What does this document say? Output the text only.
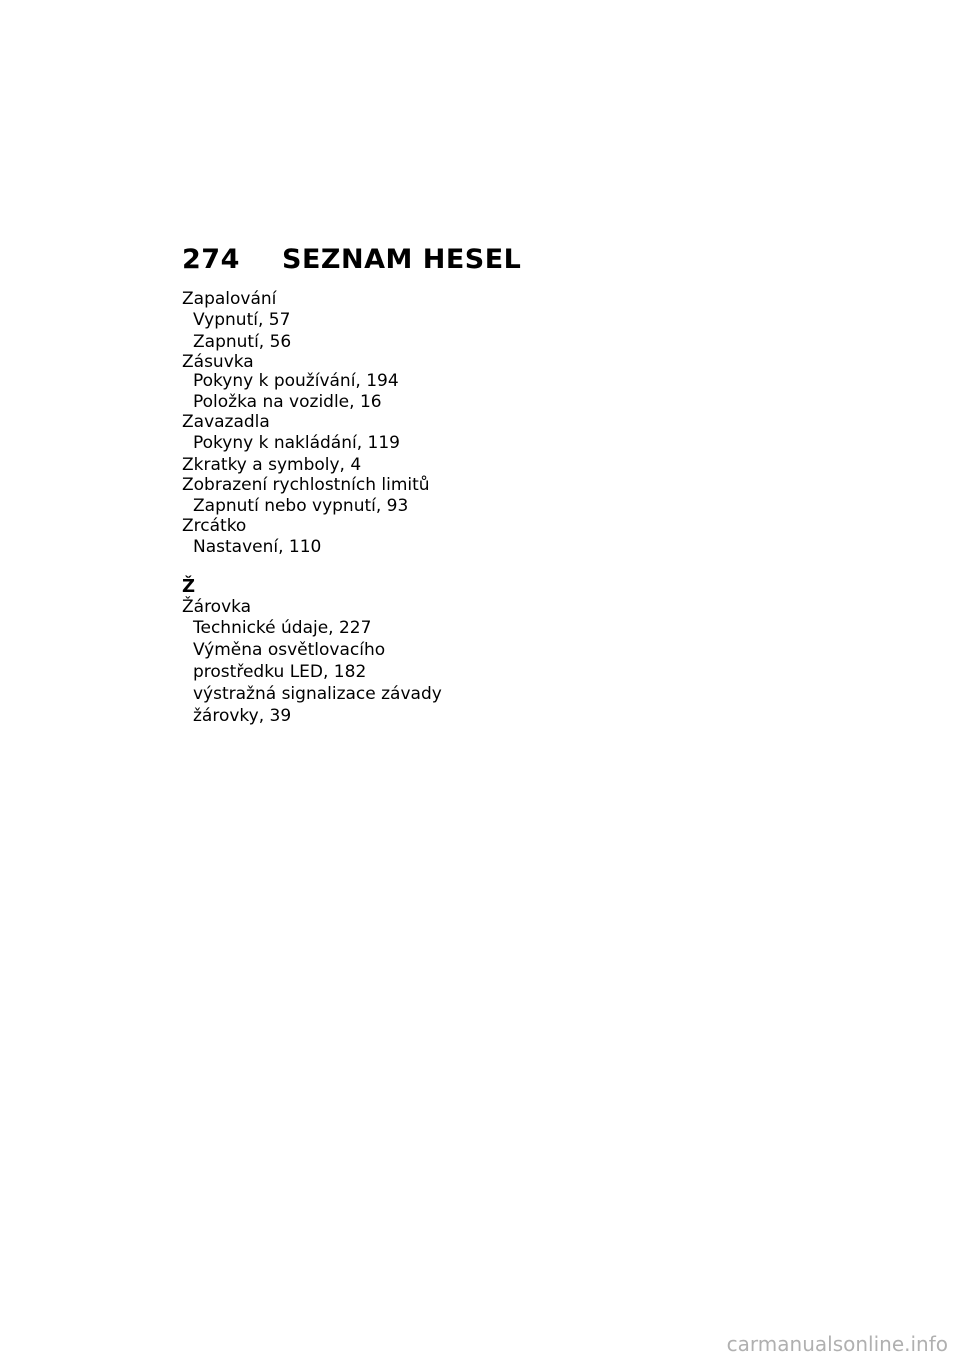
274 SEZNAM HESEL
Zapalování
Vypnutí, 57
Zapnutí, 56
Zásuvka
Pokyny k používání, 194
Položka na vozidle, 16
Zavazadla
Pokyny k nakládání, 119
Zkratky a symboly, 4
Zobrazení rychlostních limitů
Zapnutí nebo vypnutí, 93
Zrcátko
Nastavení, 110
Ž
Žárovka
Technické údaje, 227
Výměna osvětlovacího
prostředku LED, 182
výstražná signalizace závady
žárovky, 39
carmanualsonline.info
